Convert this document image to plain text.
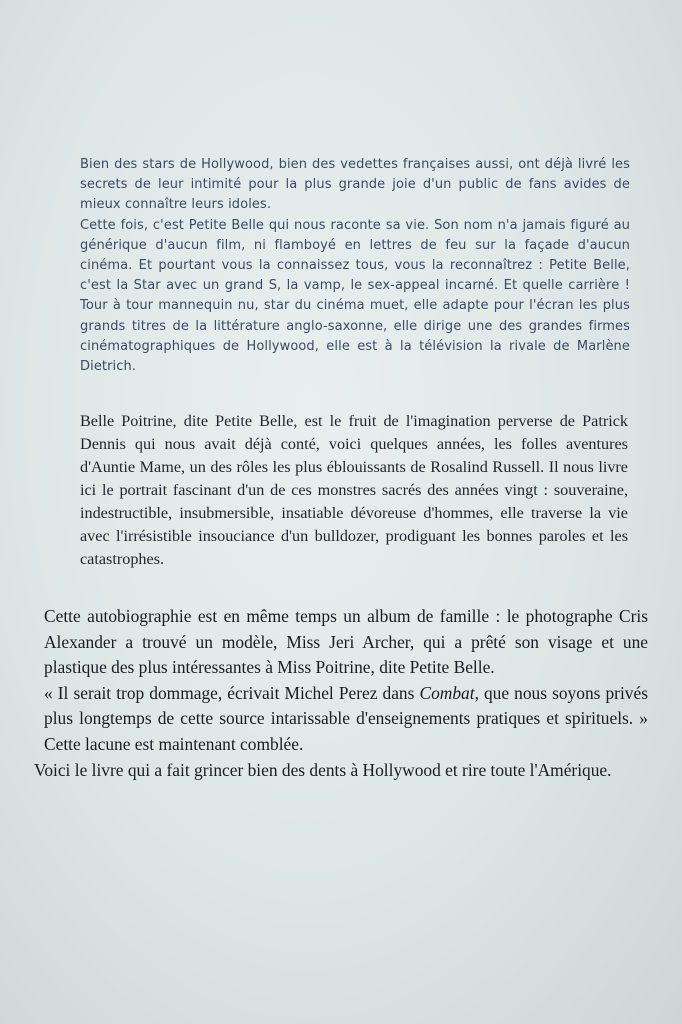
Bien des stars de Hollywood, bien des vedettes françaises aussi, ont déjà livré les secrets de leur intimité pour la plus grande joie d'un public de fans avides de mieux connaître leurs idoles.

Cette fois, c'est Petite Belle qui nous raconte sa vie. Son nom n'a jamais figuré au générique d'aucun film, ni flamboyé en lettres de feu sur la façade d'aucun cinéma. Et pourtant vous la connaissez tous, vous la reconnaîtrez : Petite Belle, c'est la Star avec un grand S, la vamp, le sex-appeal incarné. Et quelle carrière ! Tour à tour mannequin nu, star du cinéma muet, elle adapte pour l'écran les plus grands titres de la littérature anglo-saxonne, elle dirige une des grandes firmes cinématographiques de Hollywood, elle est à la télévision la rivale de Marlène Dietrich.

Belle Poitrine, dite Petite Belle, est le fruit de l'imagination perverse de Patrick Dennis qui nous avait déjà conté, voici quelques années, les folles aventures d'Auntie Mame, un des rôles les plus éblouissants de Rosalind Russell. Il nous livre ici le portrait fascinant d'un de ces monstres sacrés des années vingt : souveraine, indestructible, insubmersible, insatiable dévoreuse d'hommes, elle traverse la vie avec l'irrésistible insouciance d'un bulldozer, prodiguant les bonnes paroles et les catastrophes.

Cette autobiographie est en même temps un album de famille : le photographe Cris Alexander a trouvé un modèle, Miss Jeri Archer, qui a prêté son visage et une plastique des plus intéressantes à Miss Poitrine, dite Petite Belle.

« Il serait trop dommage, écrivait Michel Perez dans Combat, que nous soyons privés plus longtemps de cette source intarissable d'enseignements pratiques et spirituels. » Cette lacune est maintenant comblée.

Voici le livre qui a fait grincer bien des dents à Hollywood et rire toute l'Amérique.
